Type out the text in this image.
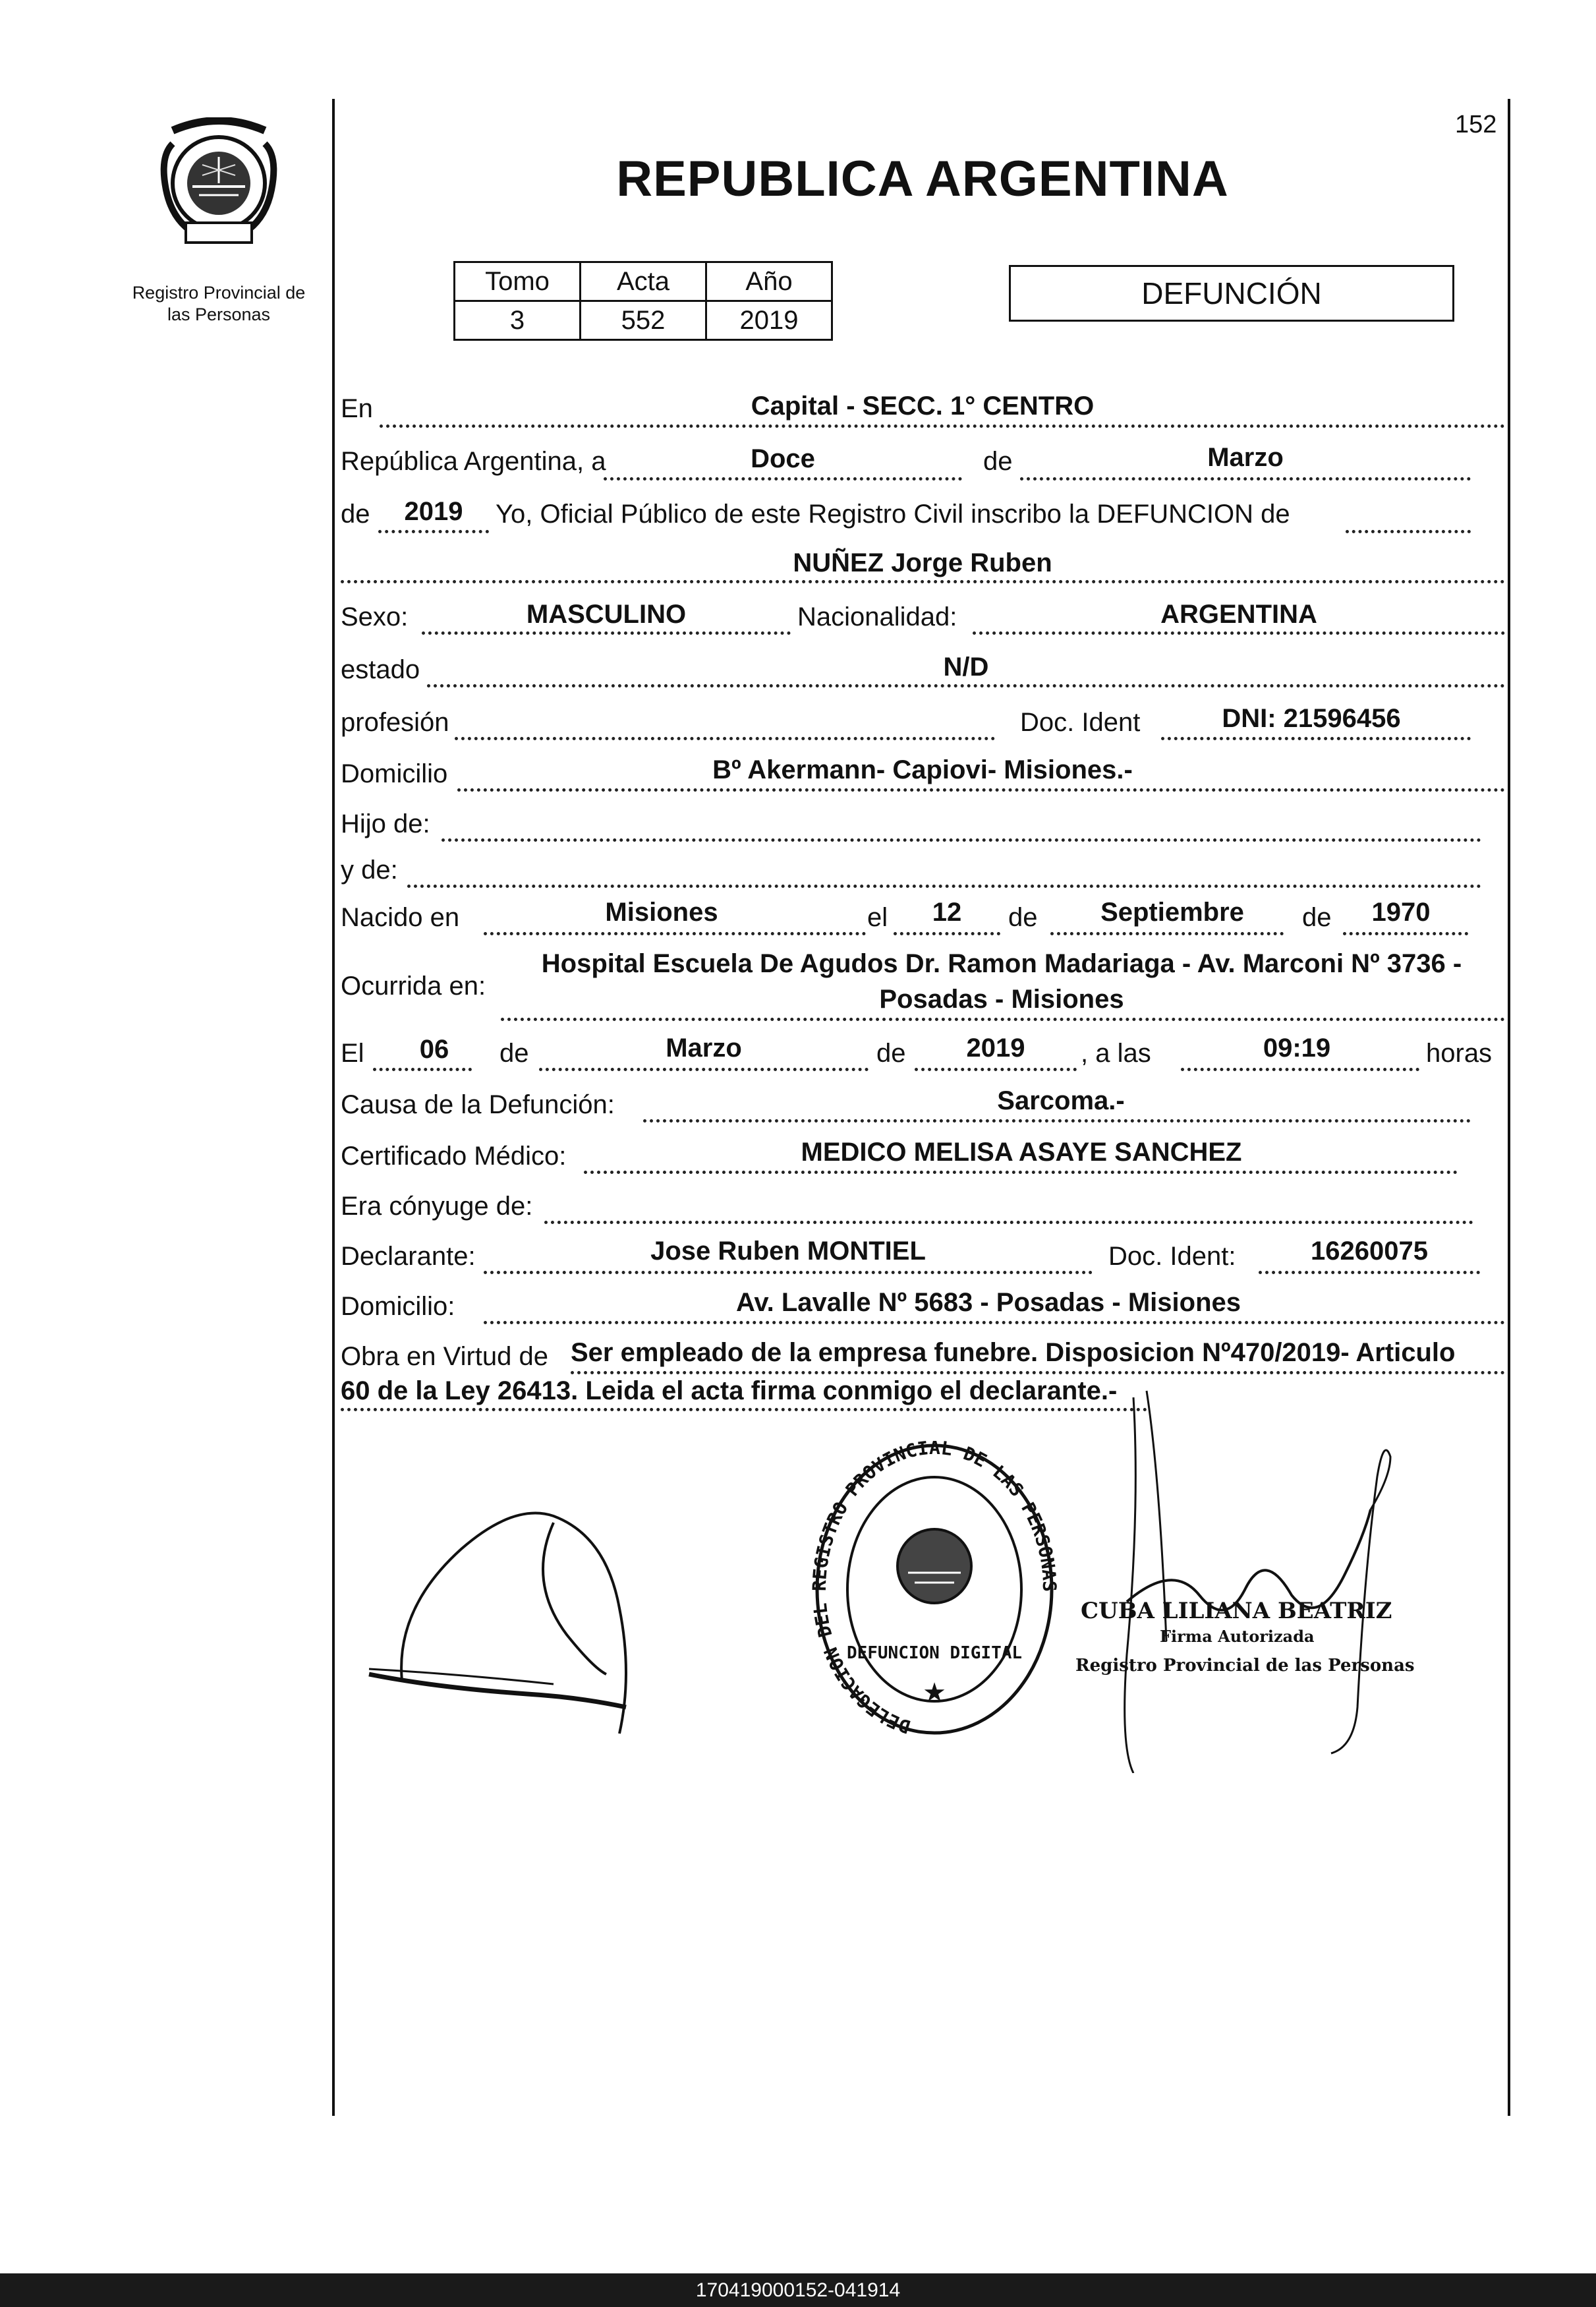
152
Registro Provincial de
las Personas
REPUBLICA ARGENTINA
Tomo	Acta	Año
3	552	2019
DEFUNCIÓN
En	Capital - SECC. 1° CENTRO
República Argentina, a	Doce	de	Marzo
de	2019	Yo, Oficial Público de este Registro Civil inscribo la DEFUNCION de
NUÑEZ Jorge Ruben
Sexo:	MASCULINO	Nacionalidad:	ARGENTINA
estado	N/D
profesión	Doc. Ident	DNI: 21596456
Domicilio	Bº Akermann- Capiovi- Misiones.-
Hijo de:
y de:
Nacido en	Misiones	el	12	de	Septiembre	de	1970
Ocurrida en:
Hospital Escuela De Agudos Dr. Ramon Madariaga - Av. Marconi Nº 3736 -
Posadas - Misiones
El	06	de	Marzo	de	2019	, a las	09:19	horas
Causa de la Defunción:	Sarcoma.-
Certificado Médico:	MEDICO MELISA ASAYE SANCHEZ
Era cónyuge de:
Declarante:	Jose Ruben MONTIEL	Doc. Ident:	16260075
Domicilio:	Av. Lavalle Nº 5683 - Posadas - Misiones
Obra en Virtud de Ser empleado de la empresa funebre. Disposicion Nº470/2019- Articulo
60 de la Ley 26413. Leida el acta firma conmigo el declarante.-
DELEGACION DEL REGISTRO PROVINCIAL DE LAS PERSONAS
DEFUNCION DIGITAL
★
CUBA LILIANA BEATRIZ
Firma Autorizada
Registro Provincial de las Personas
170419000152-041914
